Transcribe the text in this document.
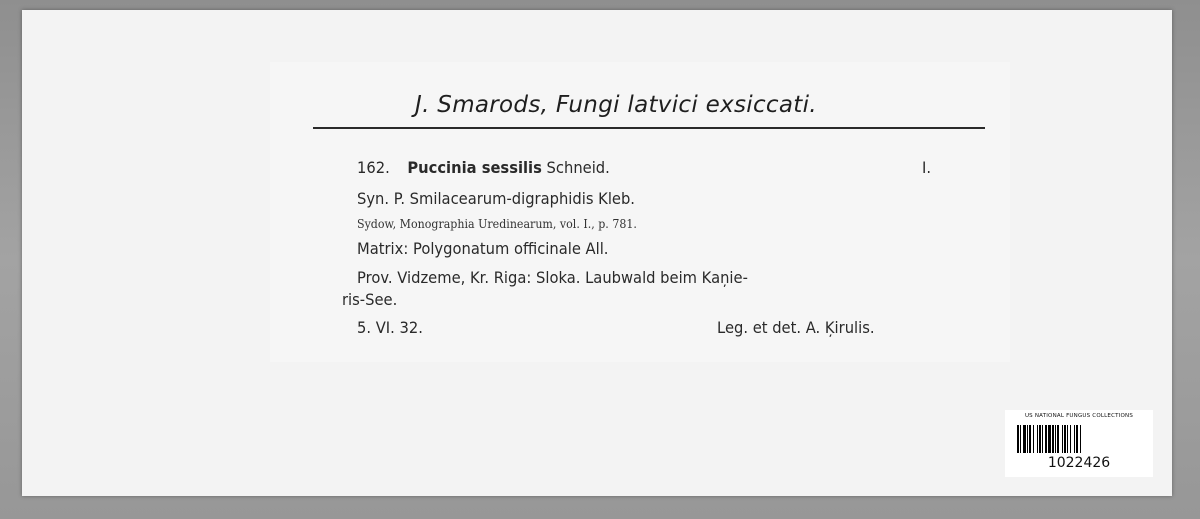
J. Smarods, Fungi latvici exsiccati.
162. Puccinia sessilis Schneid.	I.
Syn. P. Smilacearum-digraphidis Kleb.
Sydow, Monographia Uredinearum, vol. I., p. 781.
Matrix: Polygonatum officinale All.
Prov. Vidzeme, Kr. Riga: Sloka. Laubwald beim Kaņie-
ris-See.
5. VI. 32.	Leg. et det. A. Ķirulis.
US NATIONAL FUNGUS COLLECTIONS
1022426
